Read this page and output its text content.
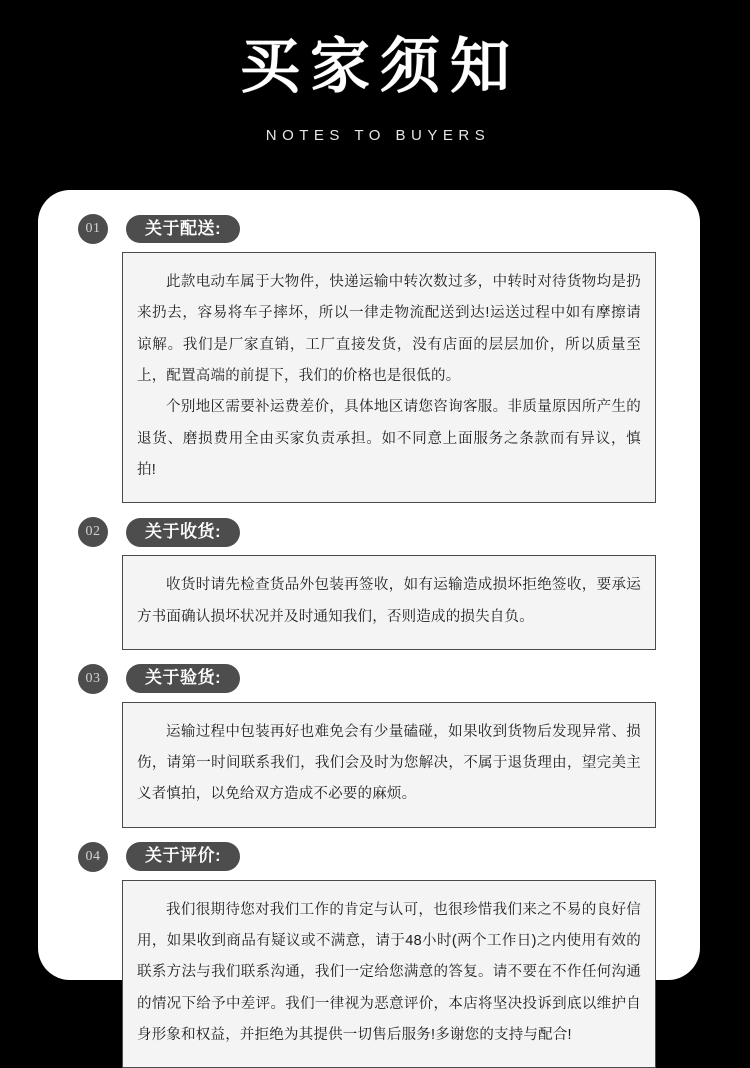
买家须知
NOTES TO BUYERS
01	关于配送:

此款电动车属于大物件，快递运输中转次数过多，中转时对待货物均是扔来扔去，容易将车子摔坏，所以一律走物流配送到达!运送过程中如有摩擦请谅解。我们是厂家直销，工厂直接发货，没有店面的层层加价，所以质量至上，配置高端的前提下，我们的价格也是很低的。

个别地区需要补运费差价，具体地区请您咨询客服。非质量原因所产生的退货、磨损费用全由买家负责承担。如不同意上面服务之条款而有异议，慎拍!

02	关于收货:

收货时请先检查货品外包装再签收，如有运输造成损坏拒绝签收，要承运方书面确认损坏状况并及时通知我们，否则造成的损失自负。

03	关于验货:

运输过程中包装再好也难免会有少量磕碰，如果收到货物后发现异常、损伤，请第一时间联系我们，我们会及时为您解决，不属于退货理由，望完美主义者慎拍，以免给双方造成不必要的麻烦。

04	关于评价:

我们很期待您对我们工作的肯定与认可，也很珍惜我们来之不易的良好信用，如果收到商品有疑议或不满意，请于48小时(两个工作日)之内使用有效的联系方法与我们联系沟通，我们一定给您满意的答复。请不要在不作任何沟通的情况下给予中差评。我们一律视为恶意评价，本店将坚决投诉到底以维护自身形象和权益，并拒绝为其提供一切售后服务!多谢您的支持与配合!
